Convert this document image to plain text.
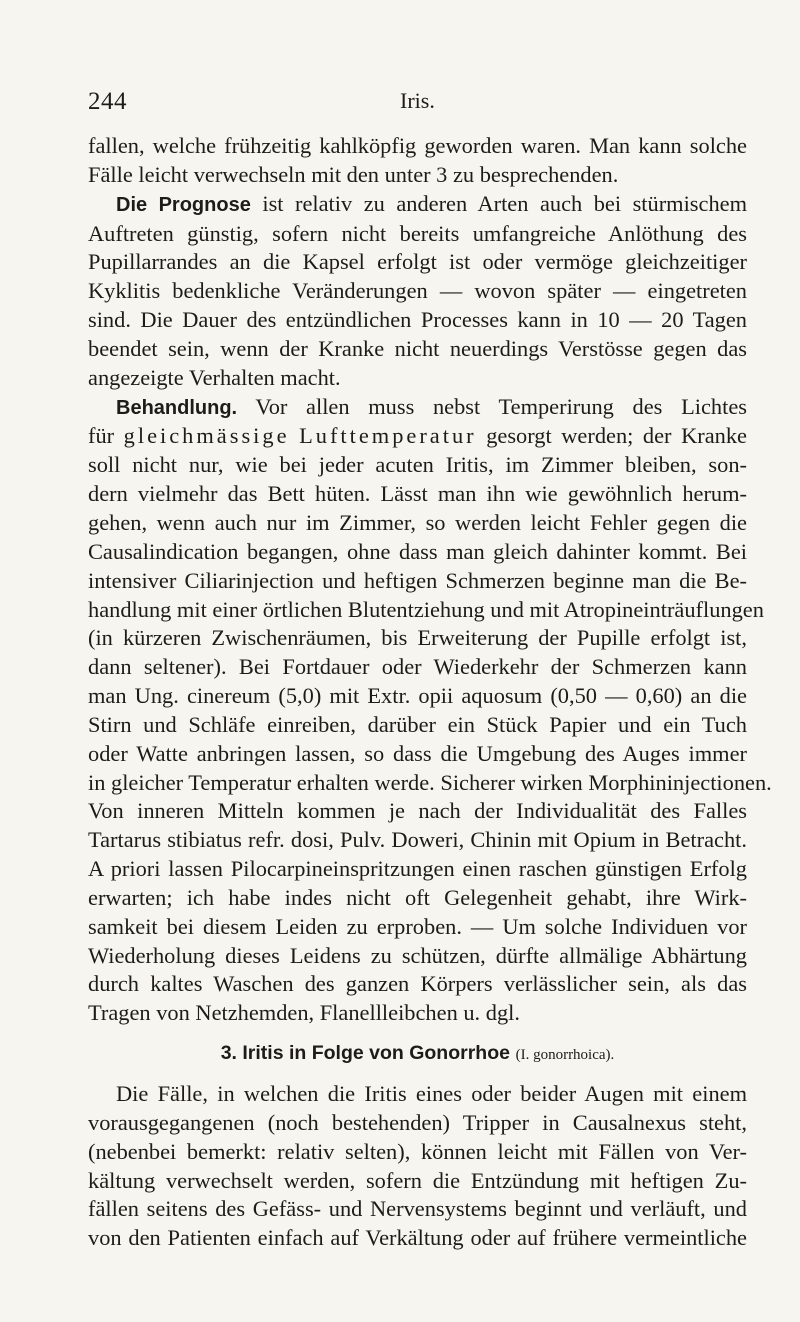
244	Iris.
fallen, welche frühzeitig kahlköpfig geworden waren. Man kann solche
Fälle leicht verwechseln mit den unter 3 zu besprechenden.
Die Prognose ist relativ zu anderen Arten auch bei stürmischem
Auftreten günstig, sofern nicht bereits umfangreiche Anlöthung des
Pupillarrandes an die Kapsel erfolgt ist oder vermöge gleichzeitiger
Kyklitis bedenkliche Veränderungen — wovon später — eingetreten
sind. Die Dauer des entzündlichen Processes kann in 10 — 20 Tagen
beendet sein, wenn der Kranke nicht neuerdings Verstösse gegen das
angezeigte Verhalten macht.
Behandlung. Vor allen muss nebst Temperirung des Lichtes
für gleichmässige Lufttemperatur gesorgt werden; der Kranke
soll nicht nur, wie bei jeder acuten Iritis, im Zimmer bleiben, son-
dern vielmehr das Bett hüten. Lässt man ihn wie gewöhnlich herum-
gehen, wenn auch nur im Zimmer, so werden leicht Fehler gegen die
Causalindication begangen, ohne dass man gleich dahinter kommt. Bei
intensiver Ciliarinjection und heftigen Schmerzen beginne man die Be-
handlung mit einer örtlichen Blutentziehung und mit Atropineinträuflungen
(in kürzeren Zwischenräumen, bis Erweiterung der Pupille erfolgt ist,
dann seltener). Bei Fortdauer oder Wiederkehr der Schmerzen kann
man Ung. cinereum (5,0) mit Extr. opii aquosum (0,50 — 0,60) an die
Stirn und Schläfe einreiben, darüber ein Stück Papier und ein Tuch
oder Watte anbringen lassen, so dass die Umgebung des Auges immer
in gleicher Temperatur erhalten werde. Sicherer wirken Morphininjectionen.
Von inneren Mitteln kommen je nach der Individualität des Falles
Tartarus stibiatus refr. dosi, Pulv. Doweri, Chinin mit Opium in Betracht.
A priori lassen Pilocarpineinspritzungen einen raschen günstigen Erfolg
erwarten; ich habe indes nicht oft Gelegenheit gehabt, ihre Wirk-
samkeit bei diesem Leiden zu erproben. — Um solche Individuen vor
Wiederholung dieses Leidens zu schützen, dürfte allmälige Abhärtung
durch kaltes Waschen des ganzen Körpers verlässlicher sein, als das
Tragen von Netzhemden, Flanellleibchen u. dgl.
3. Iritis in Folge von Gonorrhoe (I. gonorrhoica).
Die Fälle, in welchen die Iritis eines oder beider Augen mit einem
vorausgegangenen (noch bestehenden) Tripper in Causalnexus steht,
(nebenbei bemerkt: relativ selten), können leicht mit Fällen von Ver-
kältung verwechselt werden, sofern die Entzündung mit heftigen Zu-
fällen seitens des Gefäss- und Nervensystems beginnt und verläuft, und
von den Patienten einfach auf Verkältung oder auf frühere vermeintliche
